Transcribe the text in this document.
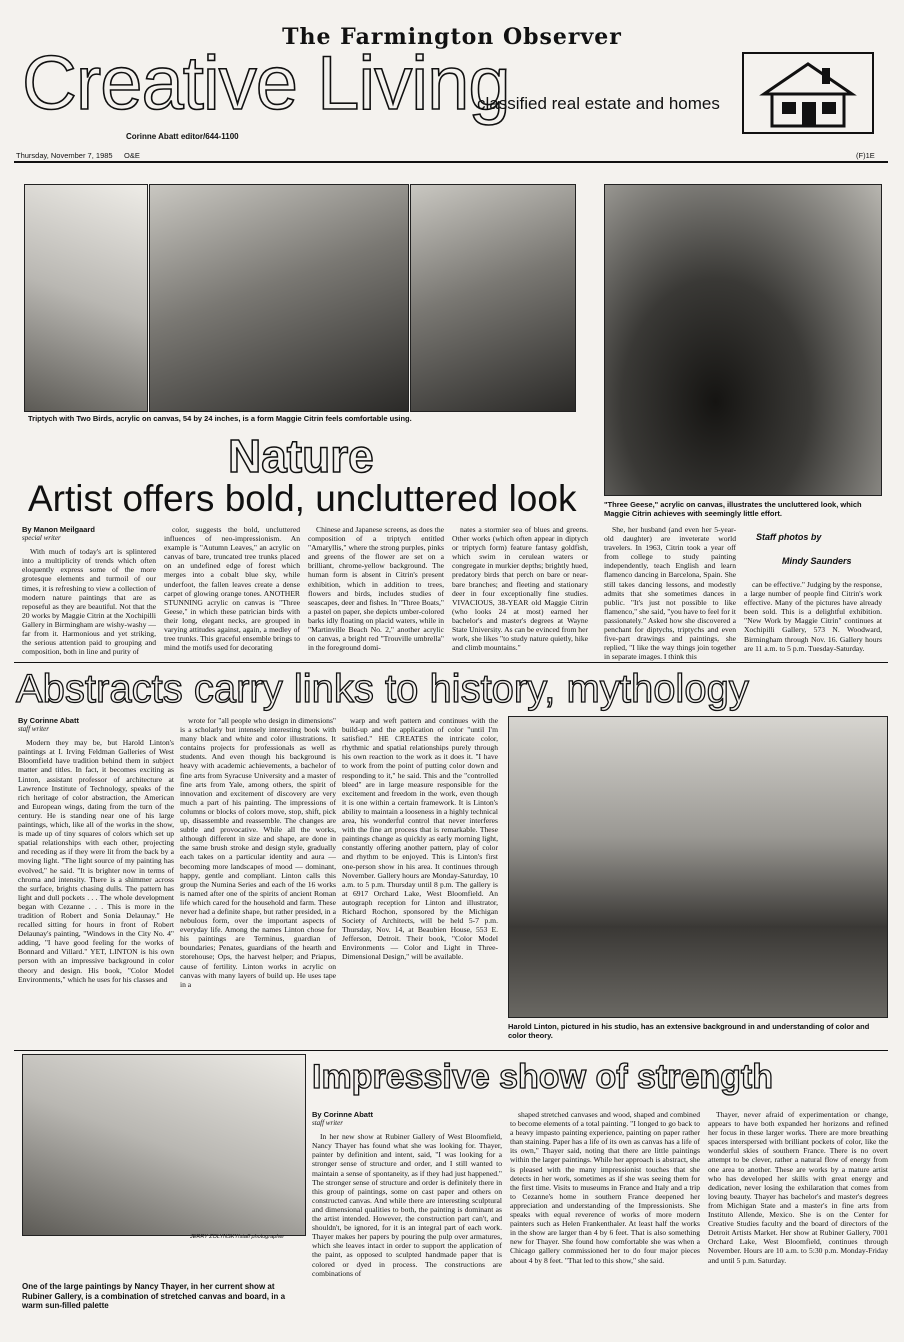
The Farmington Observer
Creative Living
classified real estate and homes
Corinne Abatt editor/644-1100
Thursday, November 7, 1985 O&E	(F)1E
Triptych with Two Birds, acrylic on canvas, 54 by 24 inches, is a form Maggie Citrin feels comfortable using.
"Three Geese," acrylic on canvas, illustrates the uncluttered look, which Maggie Citrin achieves with seemingly little effort.
Nature
Artist offers bold, uncluttered look
By Manon Meilgaard
special writer

With much of today's art is splintered into a multiplicity of trends which often eloquently express some of the more grotesque elements and turmoil of our times, it is refreshing to view a collection of modern nature paintings that are as reposeful as they are beautiful. Not that the 20 works by Maggie Citrin at the Xochipilli Gallery in Birmingham are wishy-washy — far from it. Harmonious and yet striking, the serious attention paid to grouping and composition, both in line and purity of

color, suggests the bold, uncluttered influences of neo-impressionism. An example is "Autumn Leaves," an acrylic on canvas of bare, truncated tree trunks placed on an undefined edge of forest which merges into a cobalt blue sky, while underfoot, the fallen leaves create a dense carpet of glowing orange tones. ANOTHER STUNNING acrylic on canvas is "Three Geese," in which these patrician birds with their long, elegant necks, are grouped in varying attitudes against, again, a medley of tree trunks. This graceful ensemble brings to mind the motifs used for decorating

Chinese and Japanese screens, as does the composition of a triptych entitled "Amaryllis," where the strong purples, pinks and greens of the flower are set on a brilliant, chrome-yellow background. The human form is absent in Citrin's present exhibition, which in addition to trees, flowers and birds, includes studies of seascapes, deer and fishes. In "Three Boats," a pastel on paper, she depicts umber-colored barks idly floating on placid waters, while in "Martinville Beach No. 2," another acrylic on canvas, a bright red "Trouville umbrella" in the foreground domi-

nates a stormier sea of blues and greens. Other works (which often appear in diptych or triptych form) feature fantasy goldfish, which swim in cerulean waters or congregate in murkier depths; brightly hued, predatory birds that perch on bare or near-bare branches; and fleeting and stationary deer in four exceptionally fine studies. VIVACIOUS, 38-YEAR old Maggie Citrin (who looks 24 at most) earned her bachelor's and master's degrees at Wayne State University. As can be evinced from her work, she likes "to study nature quietly, hike and climb mountains."

She, her husband (and even her 5-year-old daughter) are inveterate world travelers. In 1963, Citrin took a year off from college to study painting independently, teach English and learn flamenco dancing in Barcelona, Spain. She still takes dancing lessons, and modestly admits that she sometimes dances in public. "It's just not possible to like flamenco," she said, "you have to feel for it passionately." Asked how she discovered a penchant for diptychs, triptychs and even five-part drawings and paintings, she replied, "I like the way things join together in separate images. I think this

Staff photos by
Mindy Saunders

can be effective." Judging by the response, a large number of people find Citrin's work effective. Many of the pictures have already been sold. This is a delightful exhibition. "New Work by Maggie Citrin" continues at Xochipilli Gallery, 573 N. Woodward, Birmingham through Nov. 16. Gallery hours are 11 a.m. to 5 p.m. Tuesday-Saturday.

Abstracts carry links to history, mythology
By Corinne Abatt
staff writer

Modern they may be, but Harold Linton's paintings at I. Irving Feldman Galleries of West Bloomfield have tradition behind them in subject matter and titles. In fact, it becomes exciting as Linton, assistant professor of architecture at Lawrence Institute of Technology, speaks of the rich heritage of color abstraction, the American and European wings, dating from the turn of the century. He is standing near one of his large paintings, which, like all of the works in the show, is made up of tiny squares of colors which set up spatial relationships with each other, projecting and receding as if they were lit from the back by a moving light. "The light source of my painting has evolved," he said. "It is brighter now in terms of chroma and intensity. There is a shimmer across the surface, brights chasing dulls. The pattern has light and dull pockets . . . The whole development began with Cezanne . . . This is more in the tradition of Robert and Sonia Delaunay." He recalled sitting for hours in front of Robert Delaunay's painting, "Windows in the City No. 4" adding, "I have good feeling for the works of Bonnard and Villard." YET, LINTON is his own person with an impressive background in color theory and design. His book, "Color Model Environments," which he uses for his classes and

wrote for "all people who design in dimensions" is a scholarly but intensely interesting book with many black and white and color illustrations. It contains projects for professionals as well as students. And even though his background is heavy with academic achievements, a bachelor of fine arts from Syracuse University and a master of fine arts from Yale, among others, the spirit of innovation and excitement of discovery are very much a part of his painting. The impressions of columns or blocks of colors move, stop, shift, pick up, disassemble and reassemble. The changes are subtle and provocative. While all the works, although different in size and shape, are done in the same brush stroke and design style, gradually each takes on a particular identity and aura — becoming more landscapes of mood — dominant, happy, gentle and compliant. Linton calls this group the Numina Series and each of the 16 works is named after one of the spirits of ancient Roman life which cared for the household and farm. These never had a definite shape, but rather presided, in a nebulous form, over the important aspects of everyday life. Among the names Linton chose for his paintings are Terminus, guardian of boundaries; Penates, guardians of the hearth and storehouse; Ops, the harvest helper; and Priapus, cause of fertility. Linton works in acrylic on canvas with many layers of build up. He uses tape in a

warp and weft pattern and continues with the build-up and the application of color "until I'm satisfied." HE CREATES the intricate color, rhythmic and spatial relationships purely through his own reaction to the work as it does it. "I have to work from the point of putting color down and responding to it," he said. This and the "controlled bleed" are in large measure responsible for the excitement and freedom in the work, even though it is one within a certain framework. It is Linton's ability to maintain a looseness in a highly technical area, his wonderful control that never interferes with the fine art process that is remarkable. These paintings change as quickly as early morning light, constantly offering another pattern, play of color and rhythm to be enjoyed. This is Linton's first one-person show in his area. It continues through November. Gallery hours are Monday-Saturday, 10 a.m. to 5 p.m. Thursday until 8 p.m. The gallery is at 6917 Orchard Lake, West Bloomfield. An autograph reception for Linton and illustrator, Richard Rochon, sponsored by the Michigan Society of Architects, will be held 5-7 p.m. Thursday, Nov. 14, at Beaubien House, 553 E. Jefferson, Detroit. Their book, "Color Model Environments — Color and Light in Three-Dimensional Design," will be available.

Harold Linton, pictured in his studio, has an extensive background in and understanding of color and color theory.
JERRY ZOLYNSKY/staff photographer
One of the large paintings by Nancy Thayer, in her current show at Rubiner Gallery, is a combination of stretched canvas and board, in a warm sun-filled palette
Impressive show of strength
By Corinne Abatt
staff writer

In her new show at Rubiner Gallery of West Bloomfield, Nancy Thayer has found what she was looking for. Thayer, painter by definition and intent, said, "I was looking for a stronger sense of structure and order, and I still wanted to maintain a sense of spontaneity, as if they had just happened." The stronger sense of structure and order is definitely there in this group of paintings, some on cast paper and others on constructed canvas. And while there are interesting sculptural and dimensional qualities to both, the painting is dominant as the artist intended. However, the construction part can't, and shouldn't, be ignored, for it is an integral part of each work. Thayer makes her papers by pouring the pulp over armatures, which she leaves intact in order to support the application of the paint, as opposed to sculpted handmade paper that is colored or dyed in process. The constructions are combinations of

shaped stretched canvases and wood, shaped and combined to become elements of a total painting. "I longed to go back to a heavy impasto painting experience, painting on paper rather than staining. Paper has a life of its own as canvas has a life of its own," Thayer said, noting that there are little paintings within the larger paintings. While her approach is abstract, she is pleased with the many impressionist touches that she detects in her work, sometimes as if she was seeing them for the first time. Visits to museums in France and Italy and a trip to Cezanne's home in southern France deepened her appreciation and understanding of the Impressionists. She speaks with equal reverence of works of more modern painters such as Helen Frankenthaler. At least half the works in the show are larger than 4 by 6 feet. That is also something new for Thayer. She found how comfortable she was when a Chicago gallery commissioned her to do four major pieces about 4 by 8 feet. "That led to this show," she said.

Thayer, never afraid of experimentation or change, appears to have both expanded her horizons and refined her focus in these larger works. There are more breathing spaces interspersed with brilliant pockets of color, like the wonderful skies of southern France. There is no overt attempt to be clever, rather a natural flow of energy from one area to another. These are works by a mature artist who has developed her skills with great energy and dedication, never losing the exhilaration that comes from loving beauty. Thayer has bachelor's and master's degrees from Michigan State and a master's in fine arts from Instituto Allende, Mexico. She is on the Center for Creative Studies faculty and the board of directors of the Detroit Artists Market. Her show at Rubiner Gallery, 7001 Orchard Lake, West Bloomfield, continues through November. Hours are 10 a.m. to 5:30 p.m. Monday-Friday and until 5 p.m. Saturday.
